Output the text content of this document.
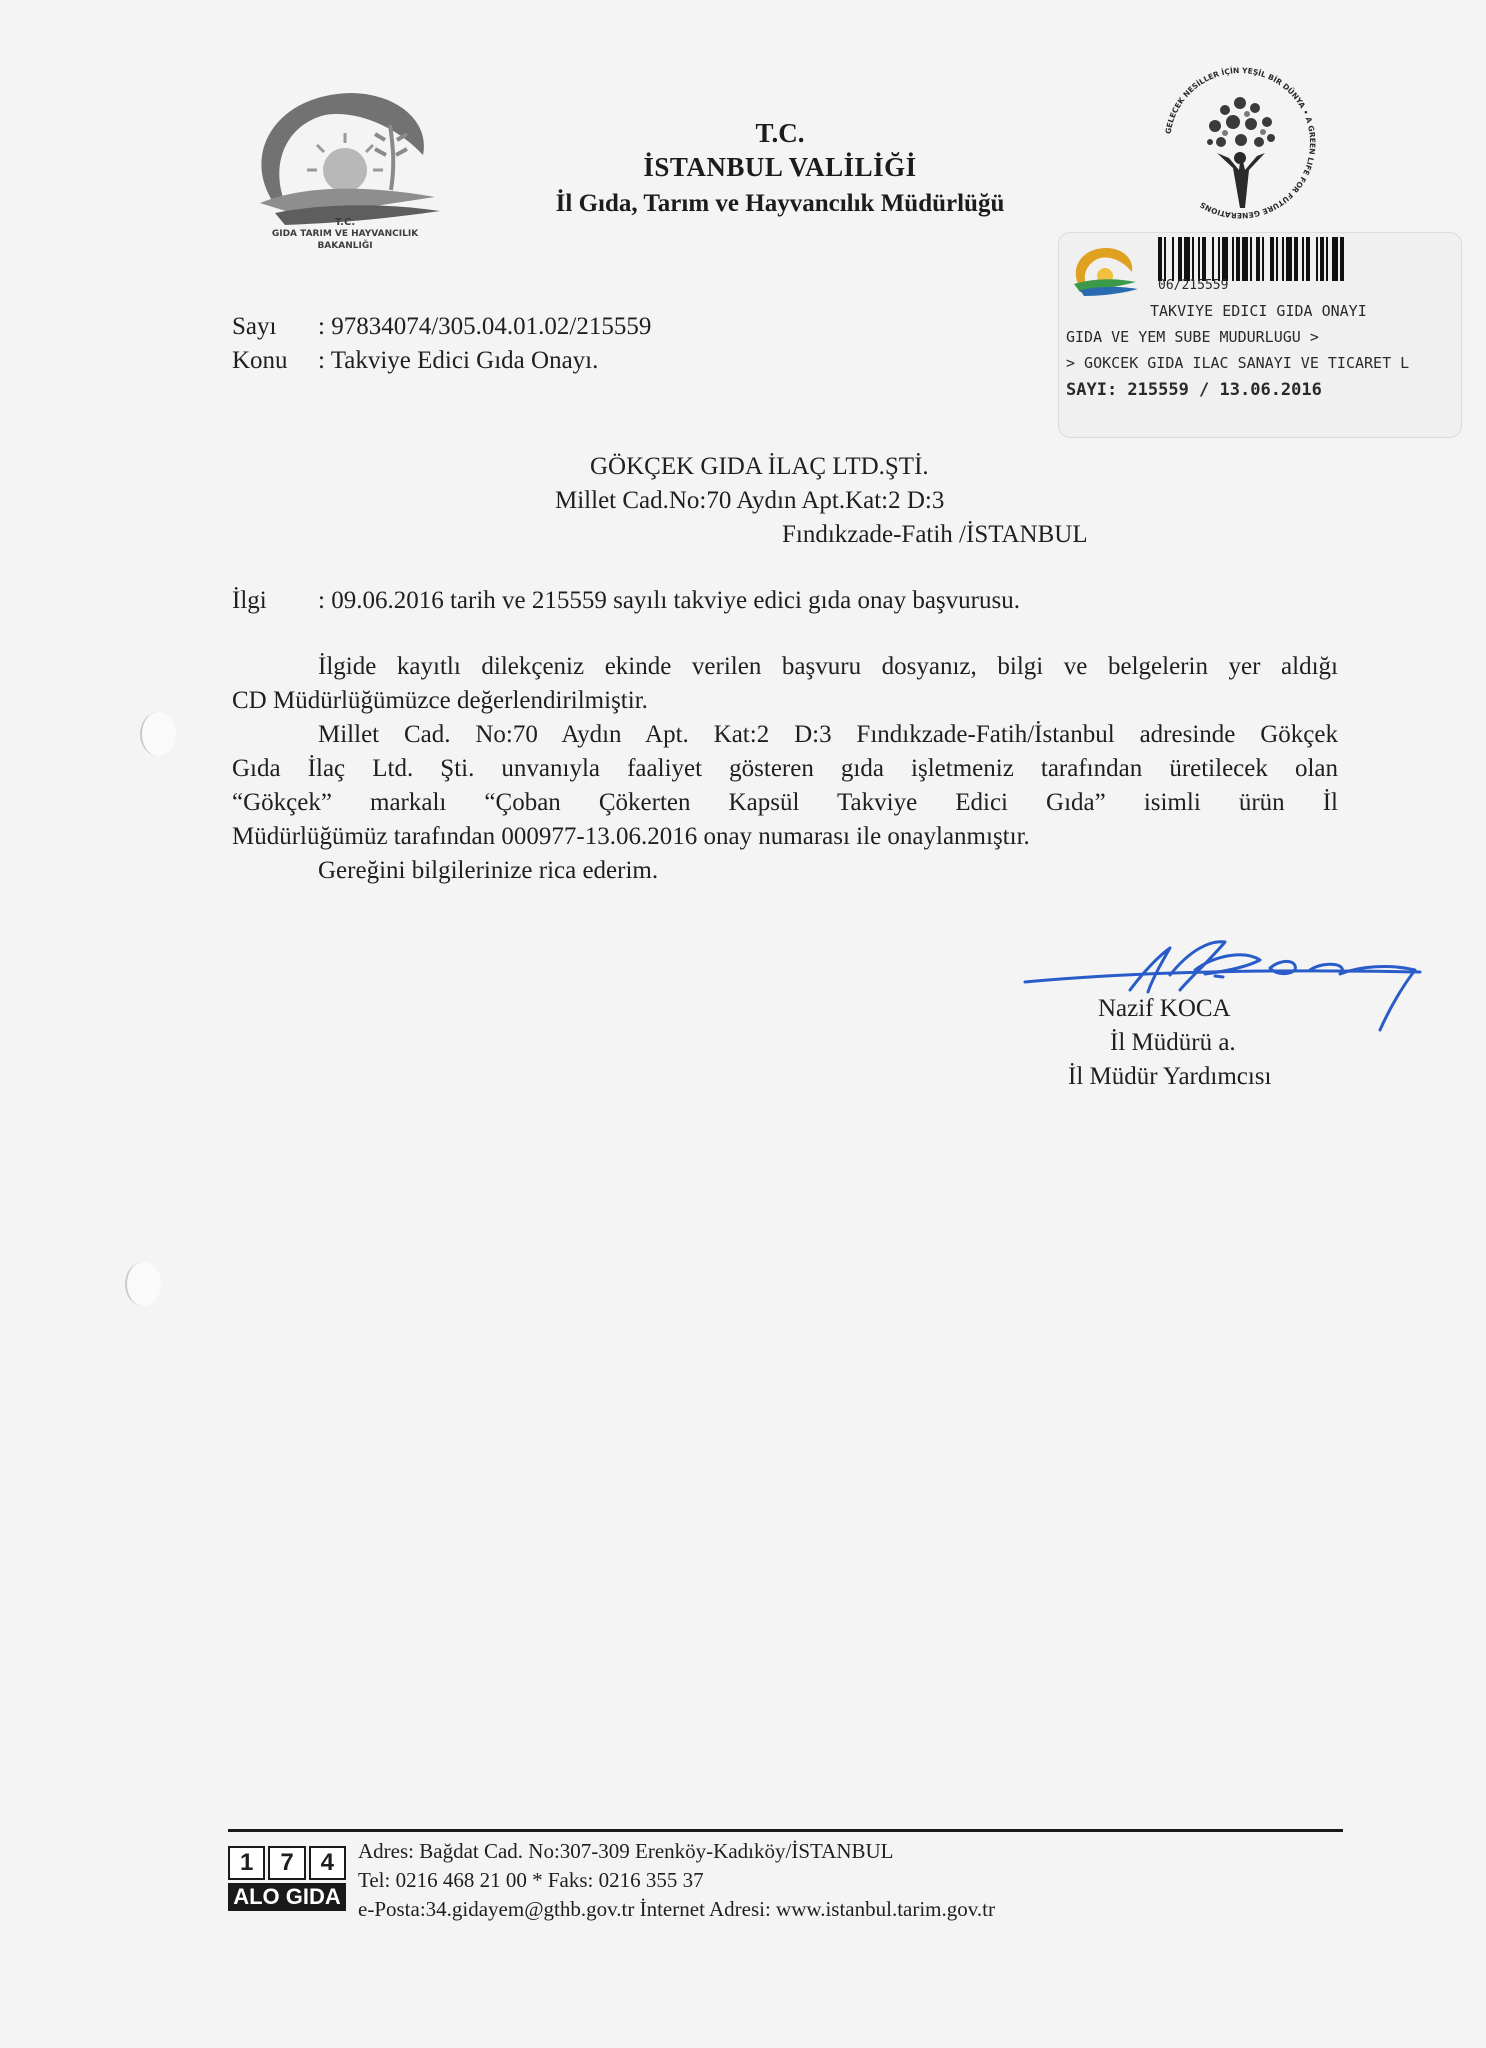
T.C.
GIDA TARIM VE HAYVANCILIK
BAKANLIĞI
T.C.
İSTANBUL VALİLİĞİ
İl Gıda, Tarım ve Hayvancılık Müdürlüğü
GELECEK NESİLLER İÇİN YEŞİL BİR DÜNYA • A GREEN LIFE FOR FUTURE GENERATIONS
06/215559
TAKVIYE EDICI GIDA ONAYI
GIDA VE YEM SUBE MUDURLUGU >
> GOKCEK GIDA ILAC SANAYI VE TICARET L
SAYI: 215559 / 13.06.2016
Sayı : 97834074/305.04.01.02/215559
Konu : Takviye Edici Gıda Onayı.
GÖKÇEK GIDA İLAÇ LTD.ŞTİ.
Millet Cad.No:70 Aydın Apt.Kat:2 D:3
Fındıkzade-Fatih /İSTANBUL
İlgi : 09.06.2016 tarih ve 215559 sayılı takviye edici gıda onay başvurusu.
İlgide kayıtlı dilekçeniz ekinde verilen başvuru dosyanız, bilgi ve belgelerin yer aldığı
CD Müdürlüğümüzce değerlendirilmiştir.
Millet Cad. No:70 Aydın Apt. Kat:2 D:3 Fındıkzade-Fatih/İstanbul adresinde Gökçek
Gıda İlaç Ltd. Şti. unvanıyla faaliyet gösteren gıda işletmeniz tarafından üretilecek olan
“Gökçek” markalı “Çoban Çökerten Kapsül Takviye Edici Gıda” isimli ürün İl
Müdürlüğümüz tarafından 000977-13.06.2016 onay numarası ile onaylanmıştır.
Gereğini bilgilerinize rica ederim.
Nazif KOCA
İl Müdürü a.
İl Müdür Yardımcısı
1	7	4
ALO GIDA
Adres: Bağdat Cad. No:307-309 Erenköy-Kadıköy/İSTANBUL
Tel: 0216 468 21 00 * Faks: 0216 355 37
e-Posta:34.gidayem@gthb.gov.tr İnternet Adresi: www.istanbul.tarim.gov.tr
